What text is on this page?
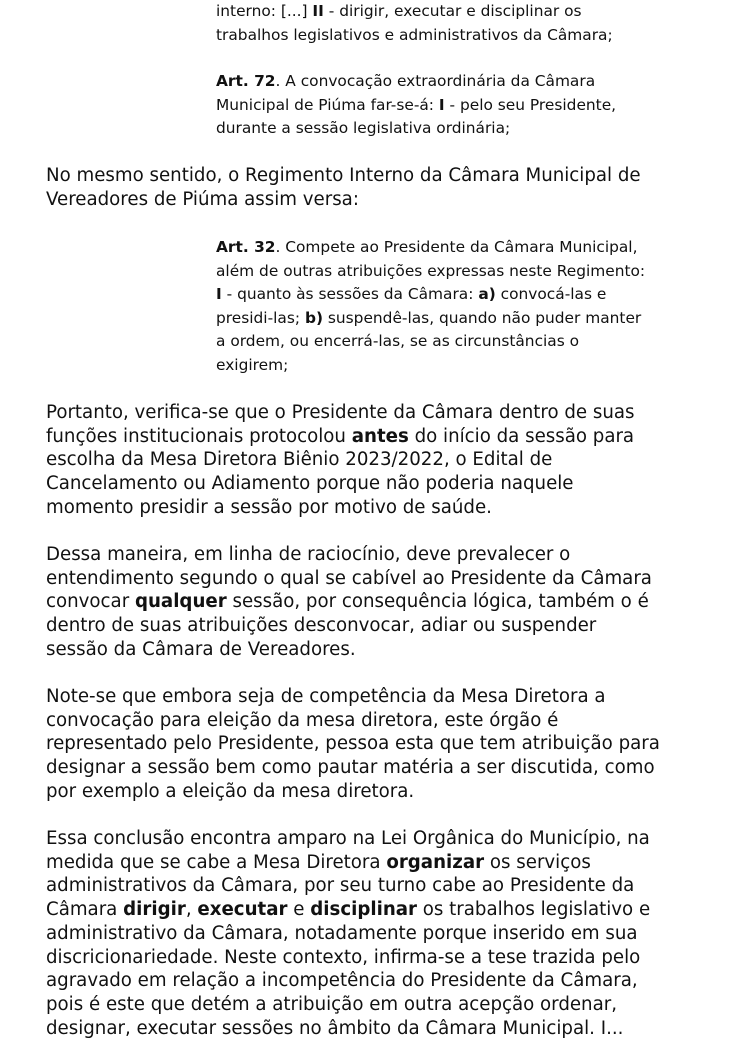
interno: [...] II - dirigir, executar e disciplinar os
trabalhos legislativos e administrativos da Câmara;

Art. 72. A convocação extraordinária da Câmara
Municipal de Piúma far-se-á: I - pelo seu Presidente,
durante a sessão legislativa ordinária;

No mesmo sentido, o Regimento Interno da Câmara Municipal de
Vereadores de Piúma assim versa:

Art. 32. Compete ao Presidente da Câmara Municipal,
além de outras atribuições expressas neste Regimento:
I - quanto às sessões da Câmara: a) convocá-las e
presidi-las; b) suspendê-las, quando não puder manter
a ordem, ou encerrá-las, se as circunstâncias o
exigirem;

Portanto, verifica-se que o Presidente da Câmara dentro de suas
funções institucionais protocolou antes do início da sessão para
escolha da Mesa Diretora Biênio 2023/2022, o Edital de
Cancelamento ou Adiamento porque não poderia naquele
momento presidir a sessão por motivo de saúde.

Dessa maneira, em linha de raciocínio, deve prevalecer o
entendimento segundo o qual se cabível ao Presidente da Câmara
convocar qualquer sessão, por consequência lógica, também o é
dentro de suas atribuições desconvocar, adiar ou suspender
sessão da Câmara de Vereadores.

Note-se que embora seja de competência da Mesa Diretora a
convocação para eleição da mesa diretora, este órgão é
representado pelo Presidente, pessoa esta que tem atribuição para
designar a sessão bem como pautar matéria a ser discutida, como
por exemplo a eleição da mesa diretora.

Essa conclusão encontra amparo na Lei Orgânica do Município, na
medida que se cabe a Mesa Diretora organizar os serviços
administrativos da Câmara, por seu turno cabe ao Presidente da
Câmara dirigir, executar e disciplinar os trabalhos legislativo e
administrativo da Câmara, notadamente porque inserido em sua
discricionariedade. Neste contexto, infirma-se a tese trazida pelo
agravado em relação a incompetência do Presidente da Câmara,
pois é este que detém a atribuição em outra acepção ordenar,
designar, executar sessões no âmbito da Câmara Municipal. I...
